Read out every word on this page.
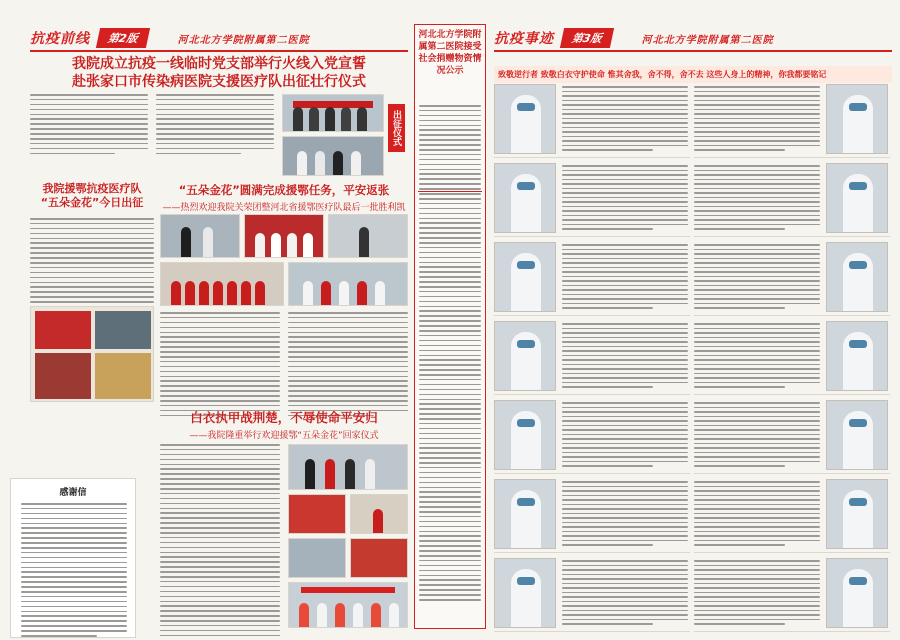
抗疫前线	第2版	河北北方学院附属第二医院
我院成立抗疫一线临时党支部举行火线入党宣誓
赴张家口市传染病医院支援医疗队出征壮行仪式
出征仪式
我院援鄂抗疫医疗队
“五朵金花”今日出征
感谢信
“五朵金花”圆满完成援鄂任务，平安返张
——热烈欢迎我院关荣团整河北省援鄂医疗队最后一批胜利凯
白衣执甲战荆楚，不辱使命平安归
——我院隆重举行欢迎援鄂“五朵金花”回家仪式
河北北方学院附属第二医院接受社会捐赠物资情况公示
抗疫事迹	第3版	河北北方学院附属第二医院
致敬逆行者 致敬白衣守护使命 惟其舍我，舍不得，舍不去 这些人身上的精神，你我都要铭记
